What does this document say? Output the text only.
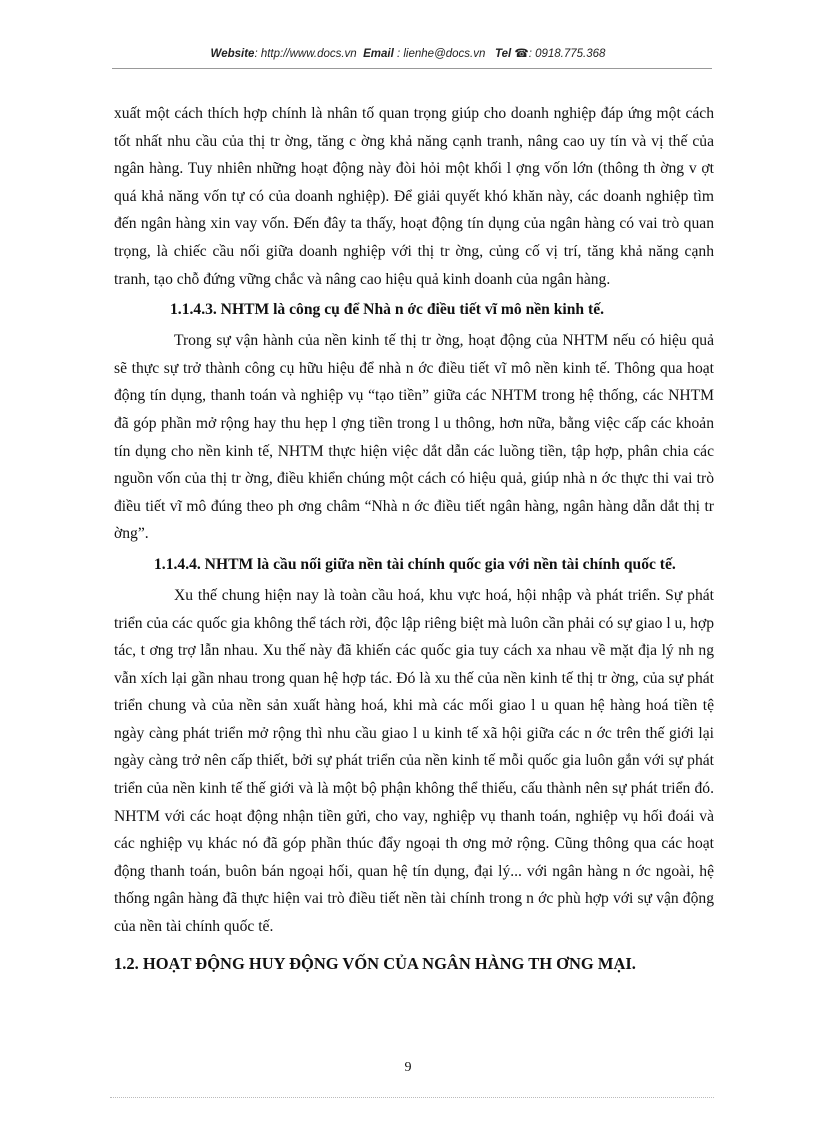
Website: http://www.docs.vn Email : lienhe@docs.vn Tel ☎: 0918.775.368

xuất một cách thích hợp chính là nhân tố quan trọng giúp cho doanh nghiệp đáp ứng một cách tốt nhất nhu cầu của thị tr ờng, tăng c ờng khả năng cạnh tranh, nâng cao uy tín và vị thế của ngân hàng. Tuy nhiên những hoạt động này đòi hỏi một khối l ợng vốn lớn (thông th ờng v ợt quá khả năng vốn tự có của doanh nghiệp). Để giải quyết khó khăn này, các doanh nghiệp tìm đến ngân hàng xin vay vốn. Đến đây ta thấy, hoạt động tín dụng của ngân hàng có vai trò quan trọng, là chiếc cầu nối giữa doanh nghiệp với thị tr ờng, củng cố vị trí, tăng khả năng cạnh tranh, tạo chỗ đứng vững chắc và nâng cao hiệu quả kinh doanh của ngân hàng.

1.1.4.3. NHTM là công cụ để Nhà n ớc điều tiết vĩ mô nền kinh tế.

Trong sự vận hành của nền kinh tế thị tr ờng, hoạt động của NHTM nếu có hiệu quả sẽ thực sự trở thành công cụ hữu hiệu để nhà n ớc điều tiết vĩ mô nền kinh tế. Thông qua hoạt động tín dụng, thanh toán và nghiệp vụ “tạo tiền” giữa các NHTM trong hệ thống, các NHTM đã góp phần mở rộng hay thu hẹp l ợng tiền trong l u thông, hơn nữa, bằng việc cấp các khoản tín dụng cho nền kinh tế, NHTM thực hiện việc dắt dẫn các luồng tiền, tập hợp, phân chia các nguồn vốn của thị tr ờng, điều khiển chúng một cách có hiệu quả, giúp nhà n ớc thực thi vai trò điều tiết vĩ mô đúng theo ph ơng châm “Nhà n ớc điều tiết ngân hàng, ngân hàng dẫn dắt thị tr ờng”.

1.1.4.4. NHTM là cầu nối giữa nền tài chính quốc gia với nền tài chính quốc tế.

Xu thế chung hiện nay là toàn cầu hoá, khu vực hoá, hội nhập và phát triển. Sự phát triển của các quốc gia không thể tách rời, độc lập riêng biệt mà luôn cần phải có sự giao l u, hợp tác, t ơng trợ lẫn nhau. Xu thế này đã khiến các quốc gia tuy cách xa nhau về mặt địa lý nh ng vẫn xích lại gần nhau trong quan hệ hợp tác. Đó là xu thế của nền kinh tế thị tr ờng, của sự phát triển chung và của nền sản xuất hàng hoá, khi mà các mối giao l u quan hệ hàng hoá tiền tệ ngày càng phát triển mở rộng thì nhu cầu giao l u kinh tế xã hội giữa các n ớc trên thế giới lại ngày càng trở nên cấp thiết, bởi sự phát triển của nền kinh tế mỗi quốc gia luôn gắn với sự phát triển của nền kinh tế thế giới và là một bộ phận không thể thiếu, cấu thành nên sự phát triển đó. NHTM với các hoạt động nhận tiền gửi, cho vay, nghiệp vụ thanh toán, nghiệp vụ hối đoái và các nghiệp vụ khác nó đã góp phần thúc đẩy ngoại th ơng mở rộng. Cũng thông qua các hoạt động thanh toán, buôn bán ngoại hối, quan hệ tín dụng, đại lý... với ngân hàng n ớc ngoài, hệ thống ngân hàng đã thực hiện vai trò điều tiết nền tài chính trong n ớc phù hợp với sự vận động của nền tài chính quốc tế.

1.2. HOẠT ĐỘNG HUY ĐỘNG VỐN CỦA NGÂN HÀNG TH ƠNG MẠI.
9
